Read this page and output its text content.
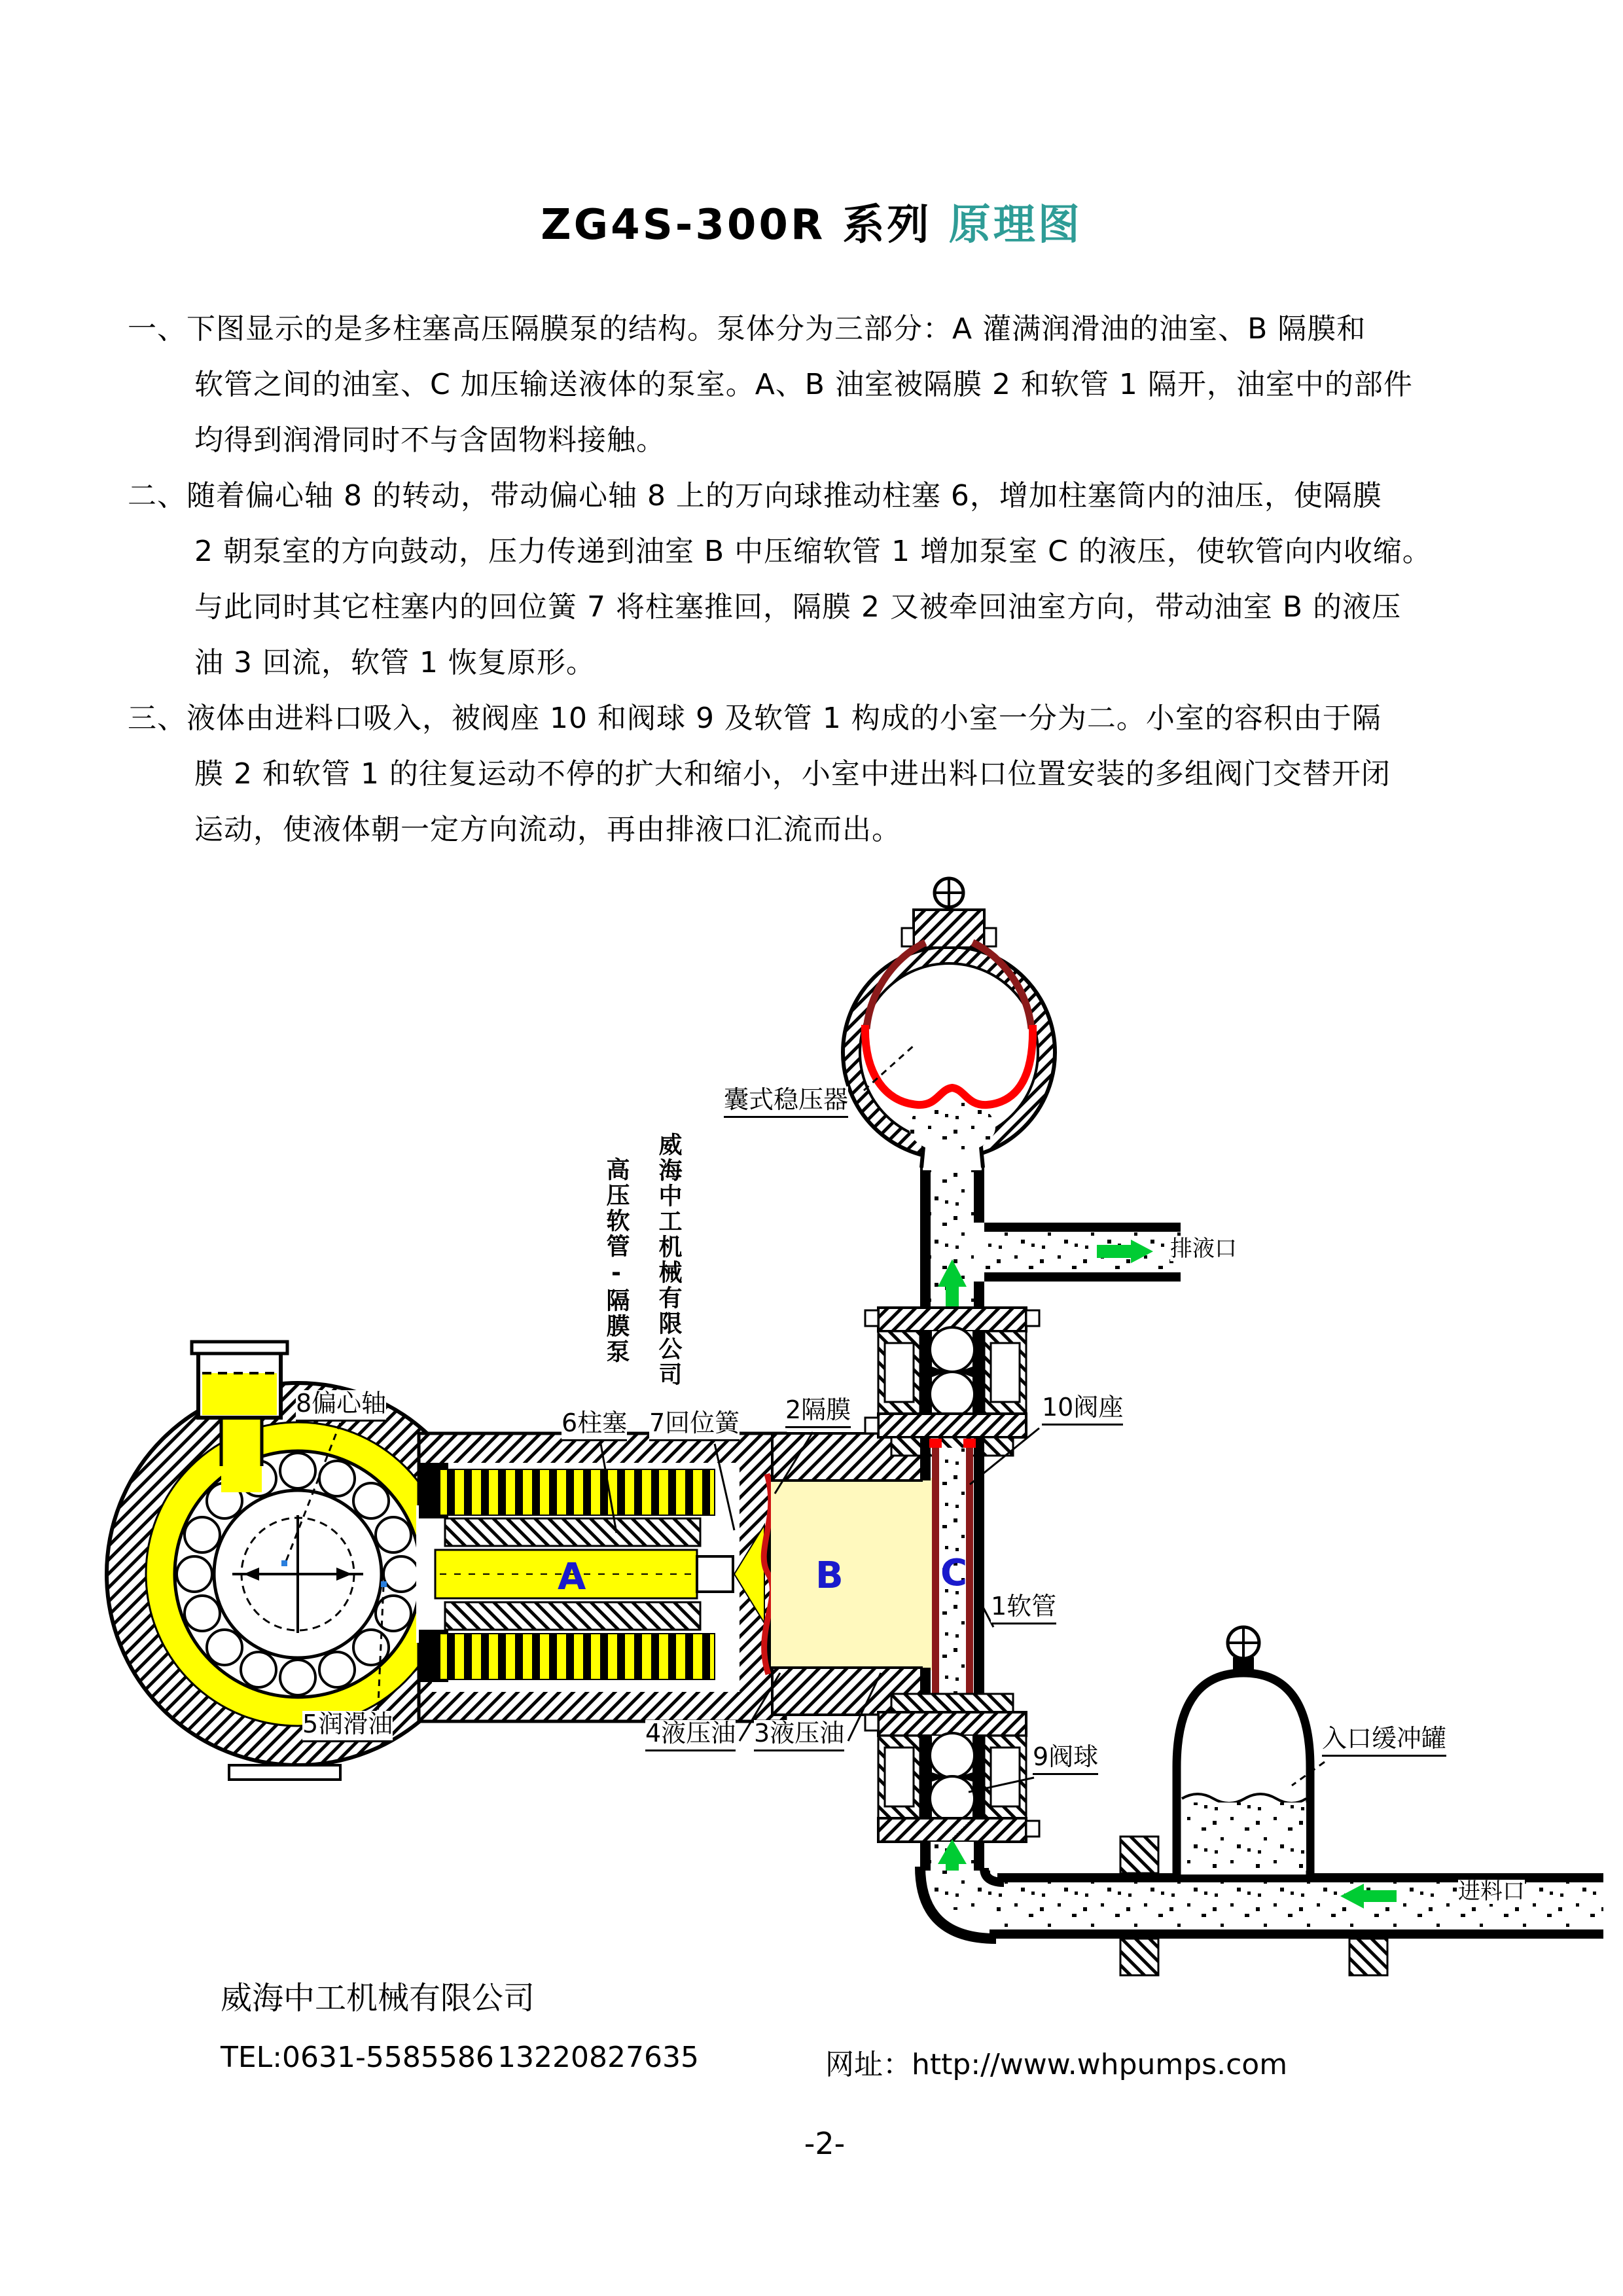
ZG4S-300R 系列 原理图
一、下图显示的是多柱塞高压隔膜泵的结构。泵体分为三部分：A 灌满润滑油的油室、B 隔膜和
软管之间的油室、C 加压输送液体的泵室。A、B 油室被隔膜 2 和软管 1 隔开，油室中的部件
均得到润滑同时不与含固物料接触。
二、随着偏心轴 8 的转动，带动偏心轴 8 上的万向球推动柱塞 6，增加柱塞筒内的油压，使隔膜
2 朝泵室的方向鼓动，压力传递到油室 B 中压缩软管 1 增加泵室 C 的液压，使软管向内收缩。
与此同时其它柱塞内的回位簧 7 将柱塞推回，隔膜 2 又被牵回油室方向，带动油室 B 的液压
油 3 回流，软管 1 恢复原形。
三、液体由进料口吸入，被阀座 10 和阀球 9 及软管 1 构成的小室一分为二。小室的容积由于隔
膜 2 和软管 1 的往复运动不停的扩大和缩小，小室中进出料口位置安装的多组阀门交替开闭
运动，使液体朝一定方向流动，再由排液口汇流而出。
囊式稳压器
8偏心轴
6柱塞 7回位簧 2隔膜	10阀座
1软管
9阀球
5润滑油	4液压油 3液压油	入口缓冲罐
排液口
进料口
A	B	C
威海中工机械有限公司
高压软管-隔膜泵
威海中工机械有限公司
TEL:0631-5585586 13220827635	网址：http://www.whpumps.com
-2-
